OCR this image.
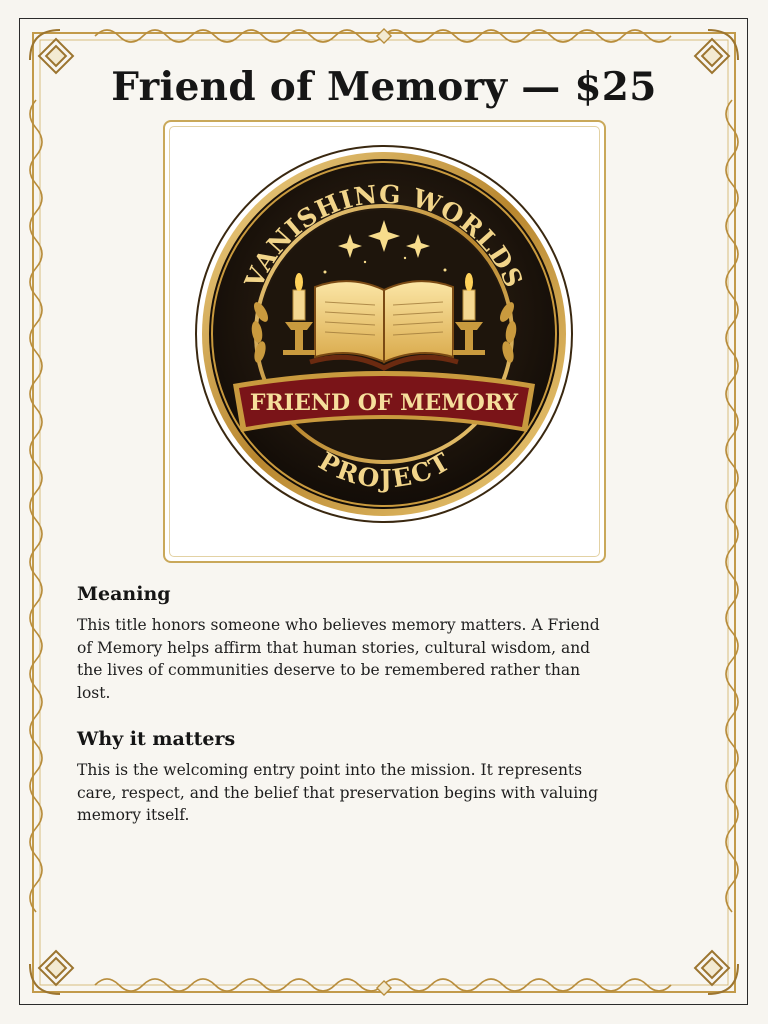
Friend of Memory — $25
VANISHING WORLDS
FRIEND OF MEMORY
PROJECT
Meaning

This title honors someone who believes memory matters. A Friend of Memory helps affirm that human stories, cultural wisdom, and the lives of communities deserve to be remembered rather than lost.

Why it matters

This is the welcoming entry point into the mission. It represents care, respect, and the belief that preservation begins with valuing memory itself.
